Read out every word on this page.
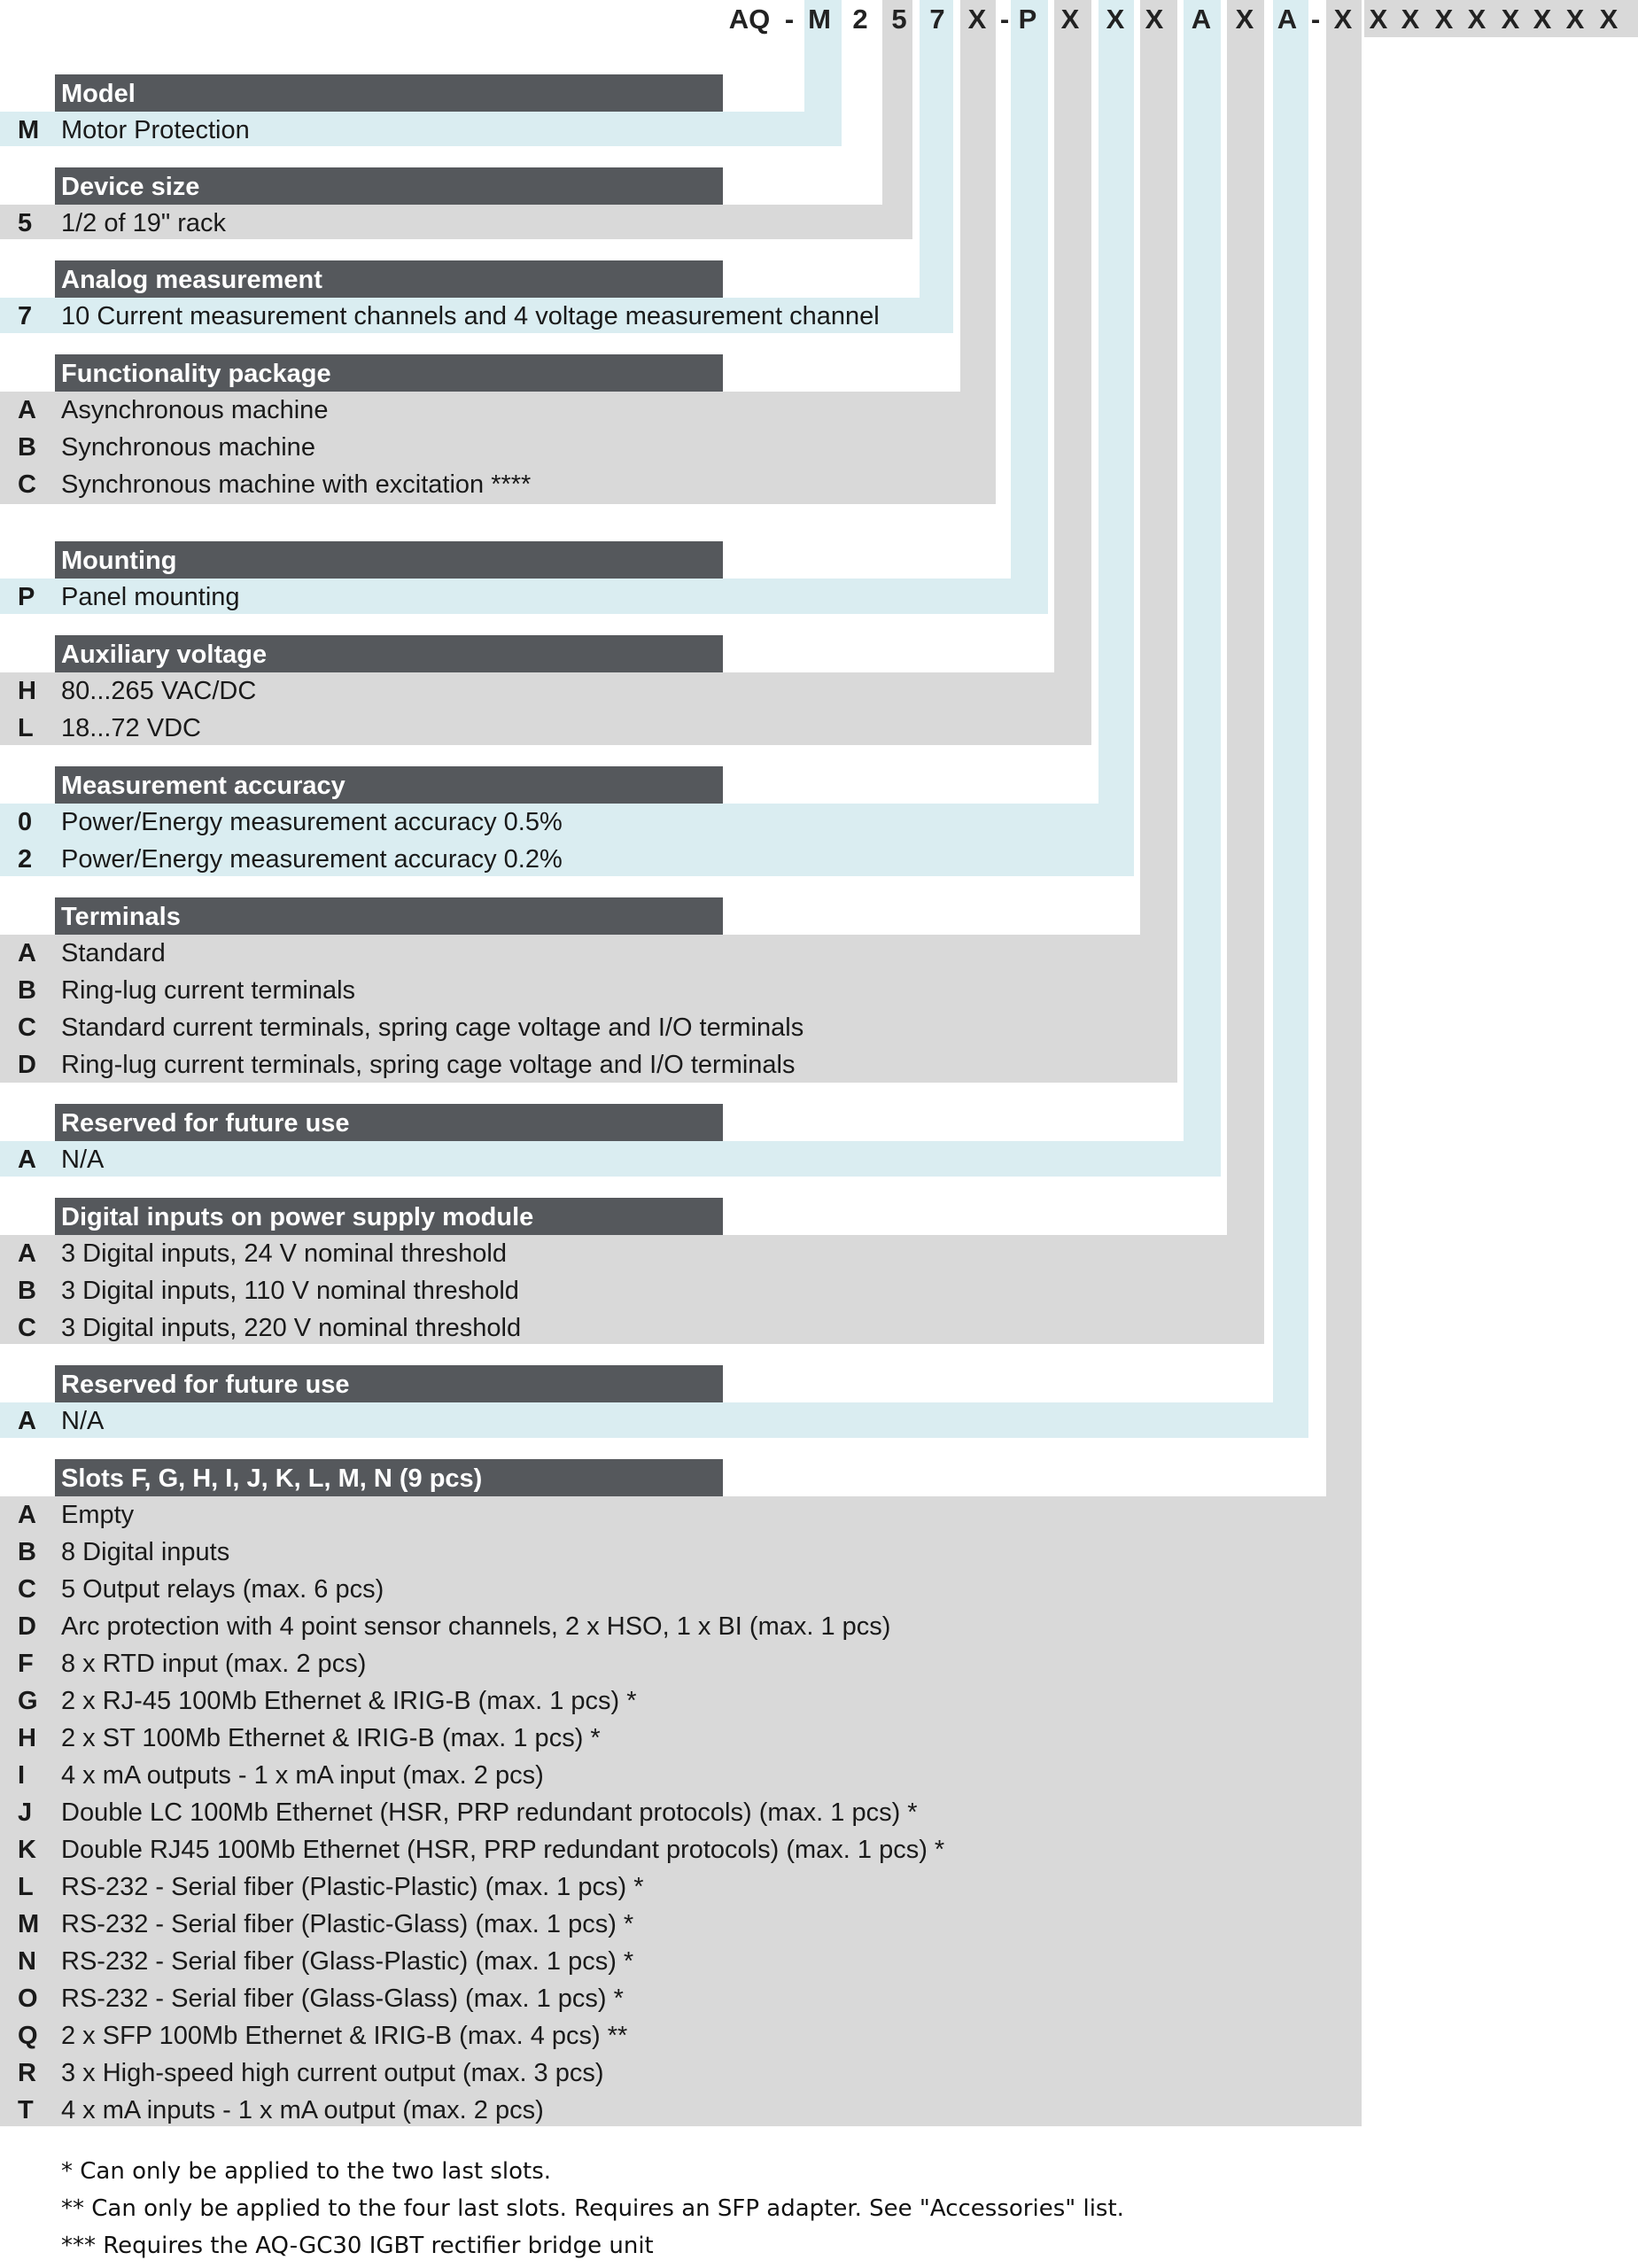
Model
M Motor Protection
Device size
5 1/2 of 19" rack
Analog measurement
7 10 Current measurement channels and 4 voltage measurement channel
Functionality package
A Asynchronous machine
B Synchronous machine
C Synchronous machine with excitation ****
Mounting
P Panel mounting
Auxiliary voltage
H 80...265 VAC/DC
L 18...72 VDC
Measurement accuracy
0 Power/Energy measurement accuracy 0.5%
2 Power/Energy measurement accuracy 0.2%
Terminals
A Standard
B Ring-lug current terminals
C Standard current terminals, spring cage voltage and I/O terminals
D Ring-lug current terminals, spring cage voltage and I/O terminals
Reserved for future use
A N/A
Digital inputs on power supply module
A 3 Digital inputs, 24 V nominal threshold
B 3 Digital inputs, 110 V nominal threshold
C 3 Digital inputs, 220 V nominal threshold
Reserved for future use
A N/A
Slots F, G, H, I, J, K, L, M, N (9 pcs)
A Empty
B 8 Digital inputs
C 5 Output relays (max. 6 pcs)
D Arc protection with 4 point sensor channels, 2 x HSO, 1 x BI (max. 1 pcs)
F 8 x RTD input (max. 2 pcs)
G 2 x RJ-45 100Mb Ethernet & IRIG-B (max. 1 pcs) *
H 2 x ST 100Mb Ethernet & IRIG-B (max. 1 pcs) *
I	4 x mA outputs - 1 x mA input (max. 2 pcs)
J Double LC 100Mb Ethernet (HSR, PRP redundant protocols) (max. 1 pcs) *
K Double RJ45 100Mb Ethernet (HSR, PRP redundant protocols) (max. 1 pcs) *
L RS-232 - Serial fiber (Plastic-Plastic) (max. 1 pcs) *
M RS-232 - Serial fiber (Plastic-Glass) (max. 1 pcs) *
N RS-232 - Serial fiber (Glass-Plastic) (max. 1 pcs) *
O RS-232 - Serial fiber (Glass-Glass) (max. 1 pcs) *
Q 2 x SFP 100Mb Ethernet & IRIG-B (max. 4 pcs) **
R 3 x High-speed high current output (max. 3 pcs)
T 4 x mA inputs - 1 x mA output (max. 2 pcs)
AQ - M 2 5 7 X - P X X X A X A - X X X X X X X X X
* Can only be applied to the two last slots.
** Can only be applied to the four last slots. Requires an SFP adapter. See "Accessories" list.
*** Requires the AQ-GC30 IGBT rectifier bridge unit
